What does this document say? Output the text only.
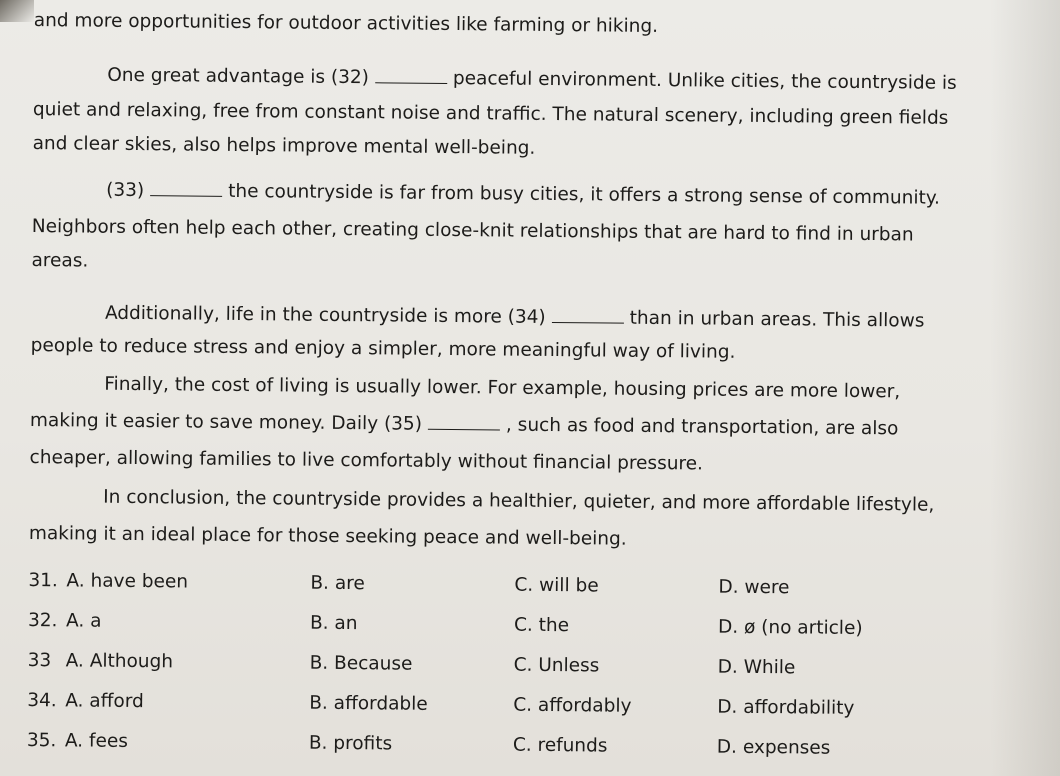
and more opportunities for outdoor activities like farming or hiking.
One great advantage is (32)	peaceful environment. Unlike cities, the countryside is
quiet and relaxing, free from constant noise and traffic. The natural scenery, including green fields
and clear skies, also helps improve mental well-being.
(33)	the countryside is far from busy cities, it offers a strong sense of community.
Neighbors often help each other, creating close-knit relationships that are hard to find in urban
areas.
Additionally, life in the countryside is more (34)	than in urban areas. This allows
people to reduce stress and enjoy a simpler, more meaningful way of living.
Finally, the cost of living is usually lower. For example, housing prices are more lower,
making it easier to save money. Daily (35)	, such as food and transportation, are also
cheaper, allowing families to live comfortably without financial pressure.
In conclusion, the countryside provides a healthier, quieter, and more affordable lifestyle,
making it an ideal place for those seeking peace and well-being.
31. A. have been	B. are	C. will be	D. were
32. A. a	B. an	C. the	D. ø (no article)
33 A. Although	B. Because	C. Unless	D. While
34. A. afford	B. affordable	C. affordably	D. affordability
35. A. fees	B. profits	C. refunds	D. expenses
